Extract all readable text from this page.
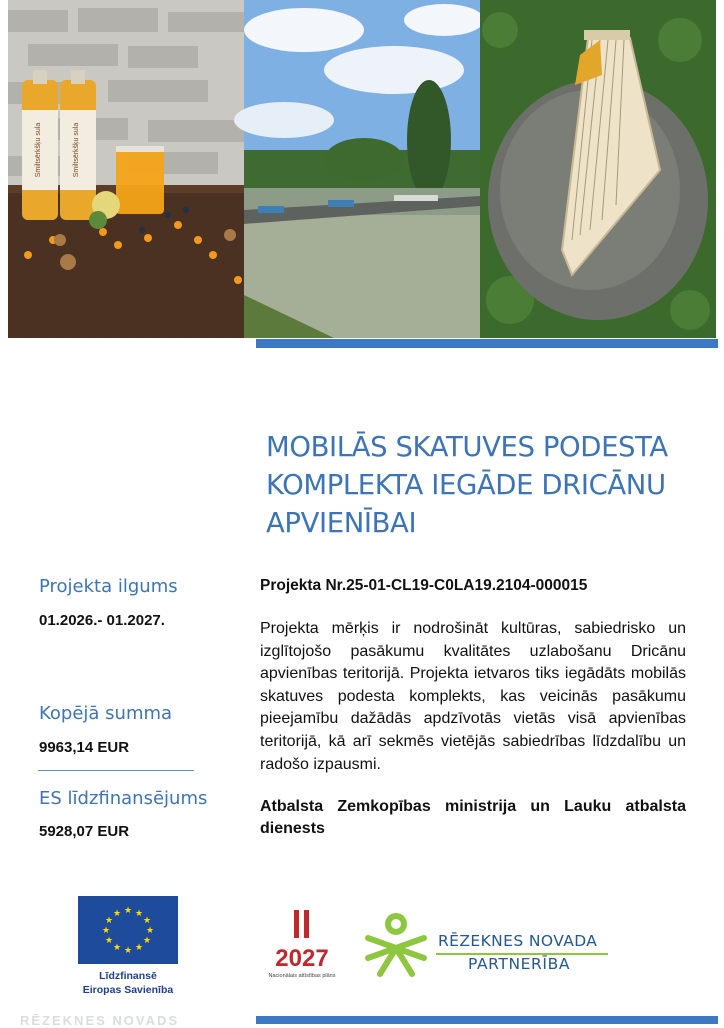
Smiltsērkšķu sula	Smiltsērkšķu sula
MOBILĀS SKATUVES PODESTA
KOMPLEKTA IEGĀDE DRICĀNU
APVIENĪBAI

Projekta ilgums

01.2026.- 01.2027.

Kopējā summa

9963,14 EUR

ES līdzfinansējums

5928,07 EUR

Projekta Nr.25-01-CL19-C0LA19.2104-000015

Projekta mērķis ir nodrošināt kultūras, sabiedrisko un izglītojošo pasākumu kvalitātes uzlabošanu Dricānu apvienības teritorijā. Projekta ietvaros tiks iegādāts mobilās skatuves podesta komplekts, kas veicinās pasākumu pieejamību dažādās apdzīvotās vietās visā apvienības teritorijā, kā arī sekmēs vietējās sabiedrības līdzdalību un radošo izpausmi.

Atbalsta Zemkopības ministrija un Lauku atbalsta dienests

★ ★
★
★
★
★
★
★
★
★
★
★

Līdzfinansē
Eiropas Savienība

2027
Nacionālais attīstības plāns

RĒZEKNES NOVADA

PARTNERĪBA

RĒZEKNES NOVADS
